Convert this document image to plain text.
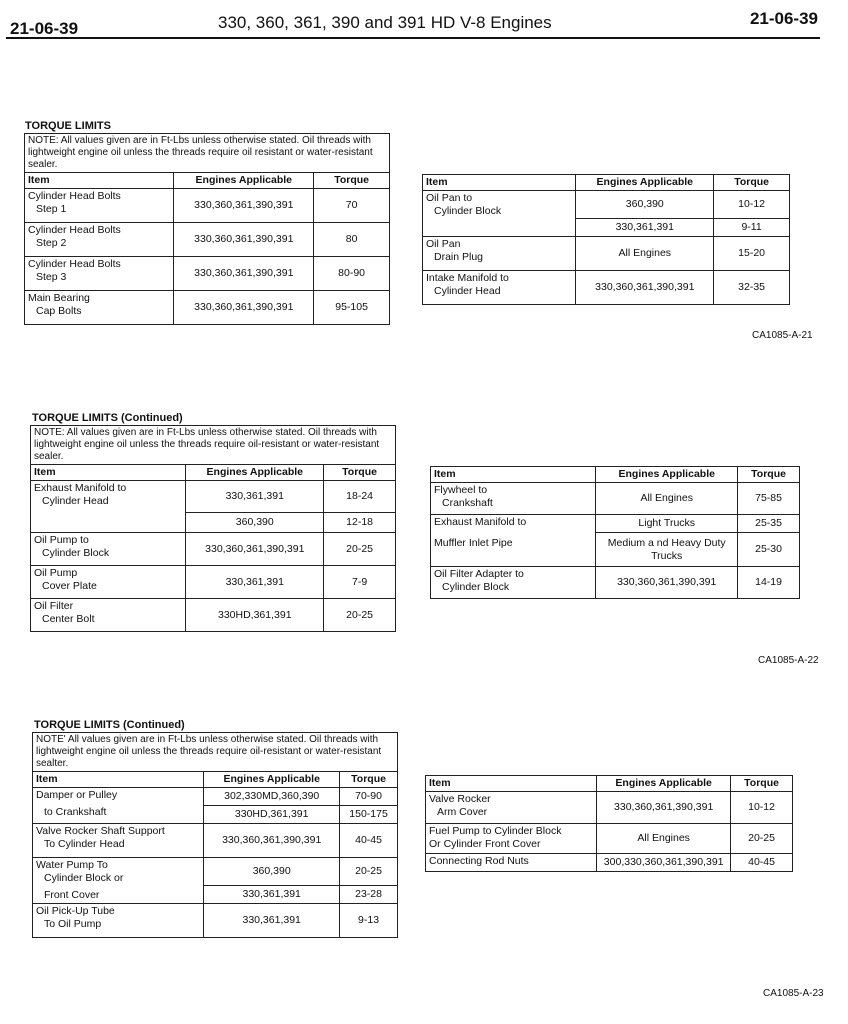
21-06-39	330, 360, 361, 390 and 391 HD V-8 Engines	21-06-39
TORQUE LIMITS
NOTE: All values given are in Ft-Lbs unless otherwise stated. Oil threads with lightweight engine oil unless the threads require oil resistant or water-resistant sealer.		
Item	Engines Applicable	Torque

Cylinder Head Bolts
Step 1	330,360,361,390,391	70

Cylinder Head Bolts
Step 2	330,360,361,390,391	80

Cylinder Head Bolts
Step 3	330,360,361,390,391	80-90

Main Bearing
Cap Bolts	330,360,361,390,391	95-105
Item	Engines Applicable	Torque

Oil Pan to
Cylinder Block	360,390	10-12
	330,361,391	9-11

Oil Pan
Drain Plug	All Engines	15-20

Intake Manifold to
Cylinder Head	330,360,361,390,391	32-35
CA1085-A-21
TORQUE LIMITS (Continued)
NOTE: All values given are in Ft-Lbs unless otherwise stated. Oil threads with lightweight engine oil unless the threads require oil-resistant or water-resistant sealer.		
Item	Engines Applicable	Torque

Exhaust Manifold to
Cylinder Head	330,361,391	18-24
	360,390	12-18

Oil Pump to
Cylinder Block	330,360,361,390,391	20-25

Oil Pump
Cover Plate	330,361,391	7-9

Oil Filter
Center Bolt	330HD,361,391	20-25
Item	Engines Applicable	Torque

Flywheel to
Crankshaft	All Engines	75-85

Exhaust Manifold to
Muffler Inlet Pipe	Light Trucks	25-35
	Medium a nd Heavy Duty Trucks	25-30

Oil Filter Adapter to
Cylinder Block	330,360,361,390,391	14-19
CA1085-A-22
TORQUE LIMITS (Continued)
NOTE' All values given are in Ft-Lbs unless otherwise stated. Oil threads with lightweight engine oil unless the threads require oil-resistant or water-resistant sealter.		
Item	Engines Applicable	Torque

Damper or Pulley
to Crankshaft	302,330MD,360,390	70-90
	330HD,361,391	150-175

Valve Rocker Shaft Support
To Cylinder Head	330,360,361,390,391	40-45

Water Pump To
Cylinder Block or
Front Cover	360,390	20-25
	330,361,391	23-28

Oil Pick-Up Tube
To Oil Pump	330,361,391	9-13
Item	Engines Applicable	Torque

Valve Rocker
Arm Cover	330,360,361,390,391	10-12

Fuel Pump to Cylinder Block
Or Cylinder Front Cover	All Engines	20-25
Connecting Rod Nuts	300,330,360,361,390,391	40-45
CA1085-A-23
